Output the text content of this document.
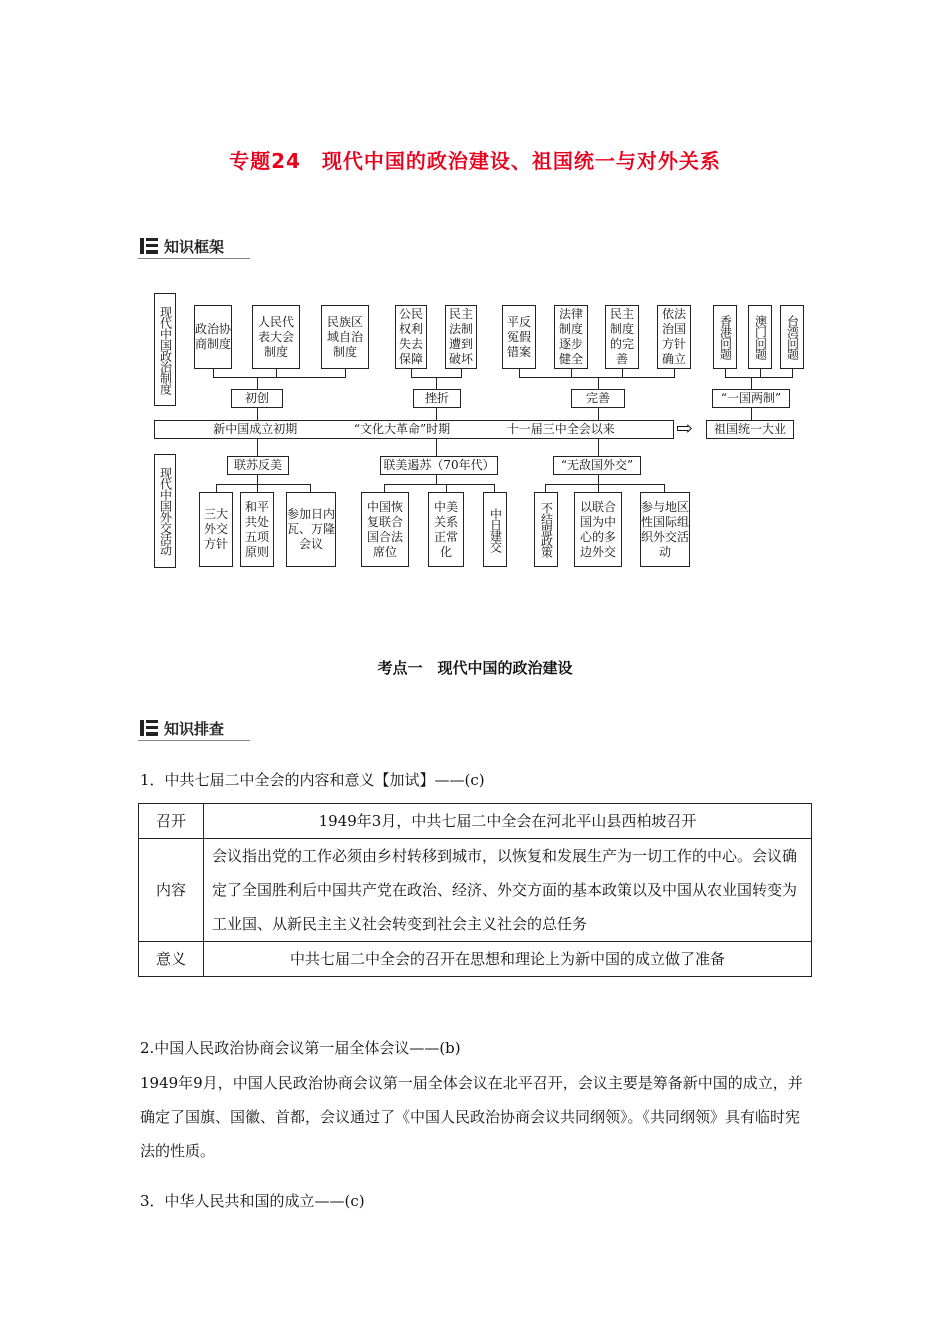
专题24　现代中国的政治建设、祖国统一与对外关系
知识框架
现代中国政治制度
现代中国外交活动
政治协商制度
人民代表大会制度
民族区域自治制度
公民权利失去保障
民主法制遭到破坏
平反冤假错案
法律制度逐步健全
民主制度的完善
依法治国方针确立	香港问题	澳门问题	台湾问题
初创	挫折	完善	“一国两制”
新中国成立初期	“文化大革命”时期	十一届三中全会以来	⇨	祖国统一大业
联苏反美	联美遏苏（70年代）	“无敌国外交”
三大外交方针
和平共处五项原则
参加日内瓦、万隆会议
中国恢复联合国合法席位
中美关系正常化	中日建交	不结盟政策	以联合国为中心的多边外交
参与地区性国际组织外交活动
考点一　现代中国的政治建设
知识排查
1．中共七届二中全会的内容和意义【加试】——(c)
召开	1949年3月，中共七届二中全会在河北平山县西柏坡召开
内容	会议指出党的工作必须由乡村转移到城市，以恢复和发展生产为一切工作的中心。会议确定了全国胜利后中国共产党在政治、经济、外交方面的基本政策以及中国从农业国转变为工业国、从新民主主义社会转变到社会主义社会的总任务
意义	中共七届二中全会的召开在思想和理论上为新中国的成立做了准备
2.中国人民政治协商会议第一届全体会议——(b)
1949年9月，中国人民政治协商会议第一届全体会议在北平召开，会议主要是筹备新中国的成立，并确定了国旗、国徽、首都，会议通过了《中国人民政治协商会议共同纲领》。《共同纲领》具有临时宪法的性质。
3．中华人民共和国的成立——(c)
